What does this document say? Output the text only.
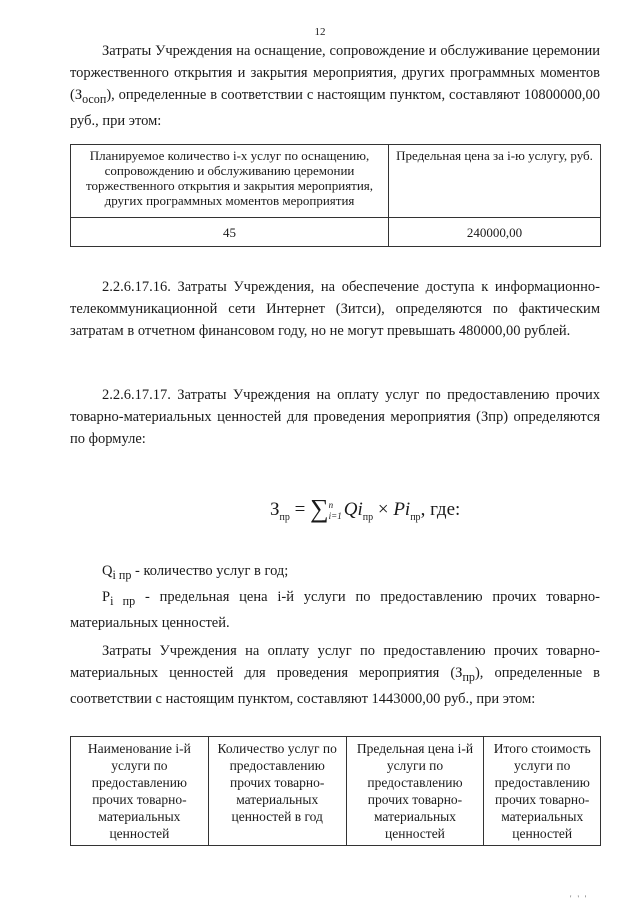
12

Затраты Учреждения на оснащение, сопровождение и обслуживание церемонии торжественного открытия и закрытия мероприятия, других программных моментов $(З_{осоп})$, определенные в соответствии с настоящим пунктом, составляют 10800000,00 руб., при этом:

Планируемое количество i-х услуг по оснащению, сопровождению и обслуживанию церемонии торжественного открытия и закрытия мероприятия, других программных моментов мероприятия	Предельная цена за i-ю услугу, руб.
45	240000,00

2.2.6.17.16. Затраты Учреждения, на обеспечение доступа к информационно-телекоммуникационной сети Интернет (Зитси), определяются по фактическим затратам в отчетном финансовом году, но не могут превышать 480000,00 рублей.

2.2.6.17.17. Затраты Учреждения на оплату услуг по предоставлению прочих товарно-материальных ценностей для проведения мероприятия (Зпр) определяются по формуле:

$З_{пр} = \sum n$
i=1 $Qi_{пр} \times Pi_{пр}$, где:

$Q_{i пр}$ - количество услуг в год;

$P_{i пр}$ - предельная цена i-й услуги по предоставлению прочих товарно-материальных ценностей.

Затраты Учреждения на оплату услуг по предоставлению прочих товарно-материальных ценностей для проведения мероприятия $(З_{пр})$, определенные в соответствии с настоящим пунктом, составляют 1443000,00 руб., при этом:

Наименование i-й услуги по предоставлению прочих товарно-материальных ценностей	Количество услуг по предоставлению прочих товарно-материальных ценностей в год	Предельная цена i-й услуги по предоставлению прочих товарно-материальных ценностей	Итого стоимость услуги по предоставлению прочих товарно-материальных ценностей
' ' '
